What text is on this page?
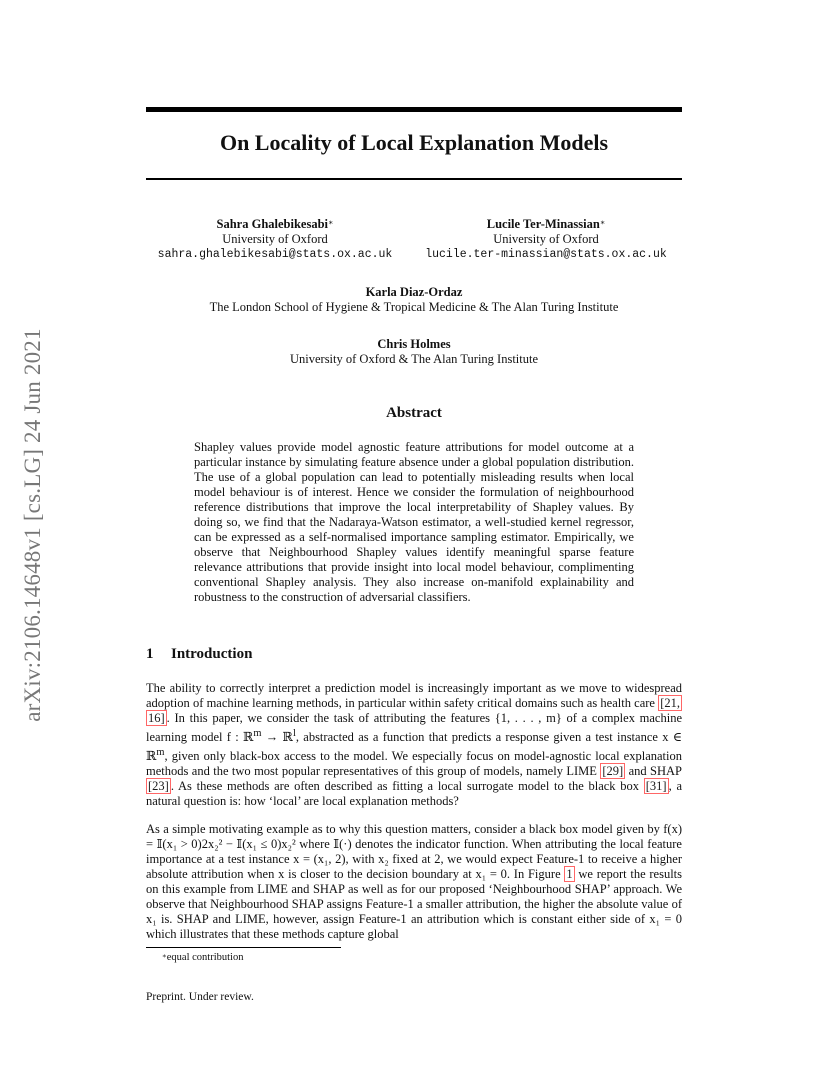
arXiv:2106.14648v1 [cs.LG] 24 Jun 2021
On Locality of Local Explanation Models
Sahra Ghalebikesabi∗
University of Oxford
sahra.ghalebikesabi@stats.ox.ac.uk
Lucile Ter-Minassian∗
University of Oxford
lucile.ter-minassian@stats.ox.ac.uk
Karla Diaz-Ordaz
The London School of Hygiene & Tropical Medicine & The Alan Turing Institute
Chris Holmes
University of Oxford & The Alan Turing Institute
Abstract
Shapley values provide model agnostic feature attributions for model outcome at a particular instance by simulating feature absence under a global population distribution. The use of a global population can lead to potentially misleading results when local model behaviour is of interest. Hence we consider the formulation of neighbourhood reference distributions that improve the local interpretability of Shapley values. By doing so, we find that the Nadaraya-Watson estimator, a well-studied kernel regressor, can be expressed as a self-normalised importance sampling estimator. Empirically, we observe that Neighbourhood Shapley values identify meaningful sparse feature relevance attributions that provide insight into local model behaviour, complimenting conventional Shapley analysis. They also increase on-manifold explainability and robustness to the construction of adversarial classifiers.
1 Introduction
The ability to correctly interpret a prediction model is increasingly important as we move to widespread adoption of machine learning methods, in particular within safety critical domains such as health care [21, 16] . In this paper, we consider the task of attributing the features {1, . . . , m} of a complex machine learning model f : ℝ$^m$ → ℝ$^l$, abstracted as a function that predicts a response given a test instance x ∈ ℝ$^m$, given only black-box access to the model. We especially focus on model-agnostic local explanation methods and the two most popular representatives of this group of models, namely LIME [29] and SHAP [23] . As these methods are often described as fitting a local surrogate model to the black box [31] , a natural question is: how ‘local’ are local explanation methods?
As a simple motivating example as to why this question matters, consider a black box model given by f(x) = 𝕀(x₁ > 0)2x₂² − 𝕀(x₁ ≤ 0)x₂² where 𝕀(·) denotes the indicator function. When attributing the local feature importance at a test instance x = (x₁, 2), with x₂ fixed at 2, we would expect Feature-1 to receive a higher absolute attribution when x is closer to the decision boundary at x₁ = 0. In Figure 1 we report the results on this example from LIME and SHAP as well as for our proposed ‘Neighbourhood SHAP’ approach. We observe that Neighbourhood SHAP assigns Feature-1 a smaller attribution, the higher the absolute value of x₁ is. SHAP and LIME, however, assign Feature-1 an attribution which is constant either side of x₁ = 0 which illustrates that these methods capture global
∗equal contribution
Preprint. Under review.
